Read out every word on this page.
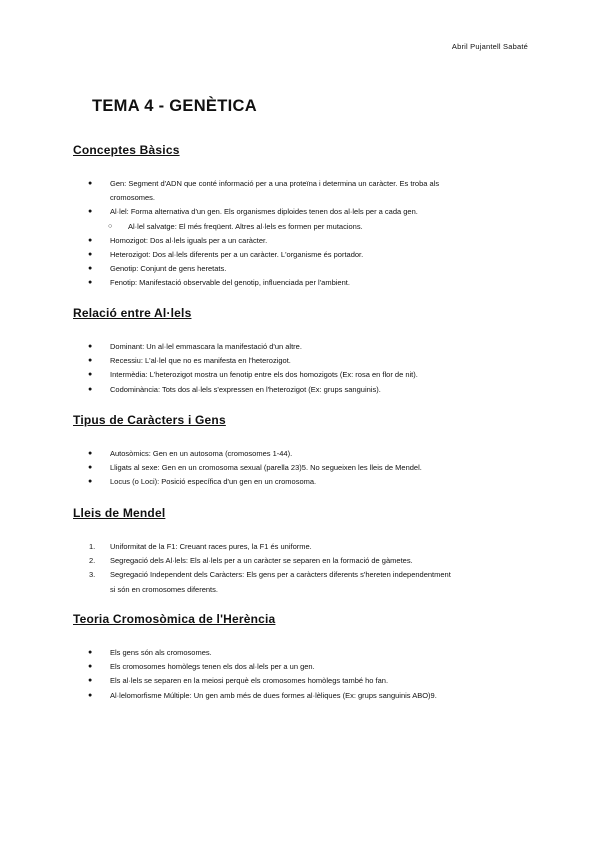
Abril Pujantell Sabaté
TEMA 4 - GENÈTICA
Conceptes Bàsics
● Gen: Segment d'ADN que conté informació per a una proteïna i determina un caràcter. Es troba als
cromosomes.
● Al·lel: Forma alternativa d'un gen. Els organismes diploides tenen dos al·lels per a cada gen.
○ Al·lel salvatge: El més freqüent. Altres al·lels es formen per mutacions.
● Homozigot: Dos al·lels iguals per a un caràcter.
● Heterozigot: Dos al·lels diferents per a un caràcter. L'organisme és portador.
● Genotip: Conjunt de gens heretats.
● Fenotip: Manifestació observable del genotip, influenciada per l'ambient.
Relació entre Al·lels
● Dominant: Un al·lel emmascara la manifestació d'un altre.
● Recessiu: L'al·lel que no es manifesta en l'heterozigot.
● Intermèdia: L'heterozigot mostra un fenotip entre els dos homozigots (Ex: rosa en flor de nit).
● Codominància: Tots dos al·lels s'expressen en l'heterozigot (Ex: grups sanguinis).
Tipus de Caràcters i Gens
● Autosòmics: Gen en un autosoma (cromosomes 1-44).
● Lligats al sexe: Gen en un cromosoma sexual (parella 23)5. No segueixen les lleis de Mendel.
● Locus (o Loci): Posició específica d'un gen en un cromosoma.
Lleis de Mendel
1. Uniformitat de la F1: Creuant races pures, la F1 és uniforme.
2. Segregació dels Al·lels: Els al·lels per a un caràcter se separen en la formació de gàmetes.
3. Segregació Independent dels Caràcters: Els gens per a caràcters diferents s'hereten independentment
si són en cromosomes diferents.
Teoria Cromosòmica de l'Herència
● Els gens són als cromosomes.
● Els cromosomes homòlegs tenen els dos al·lels per a un gen.
● Els al·lels se separen en la meiosi perquè els cromosomes homòlegs també ho fan.
● Al·lelomorfisme Múltiple: Un gen amb més de dues formes al·lèliques (Ex: grups sanguinis ABO)9.
